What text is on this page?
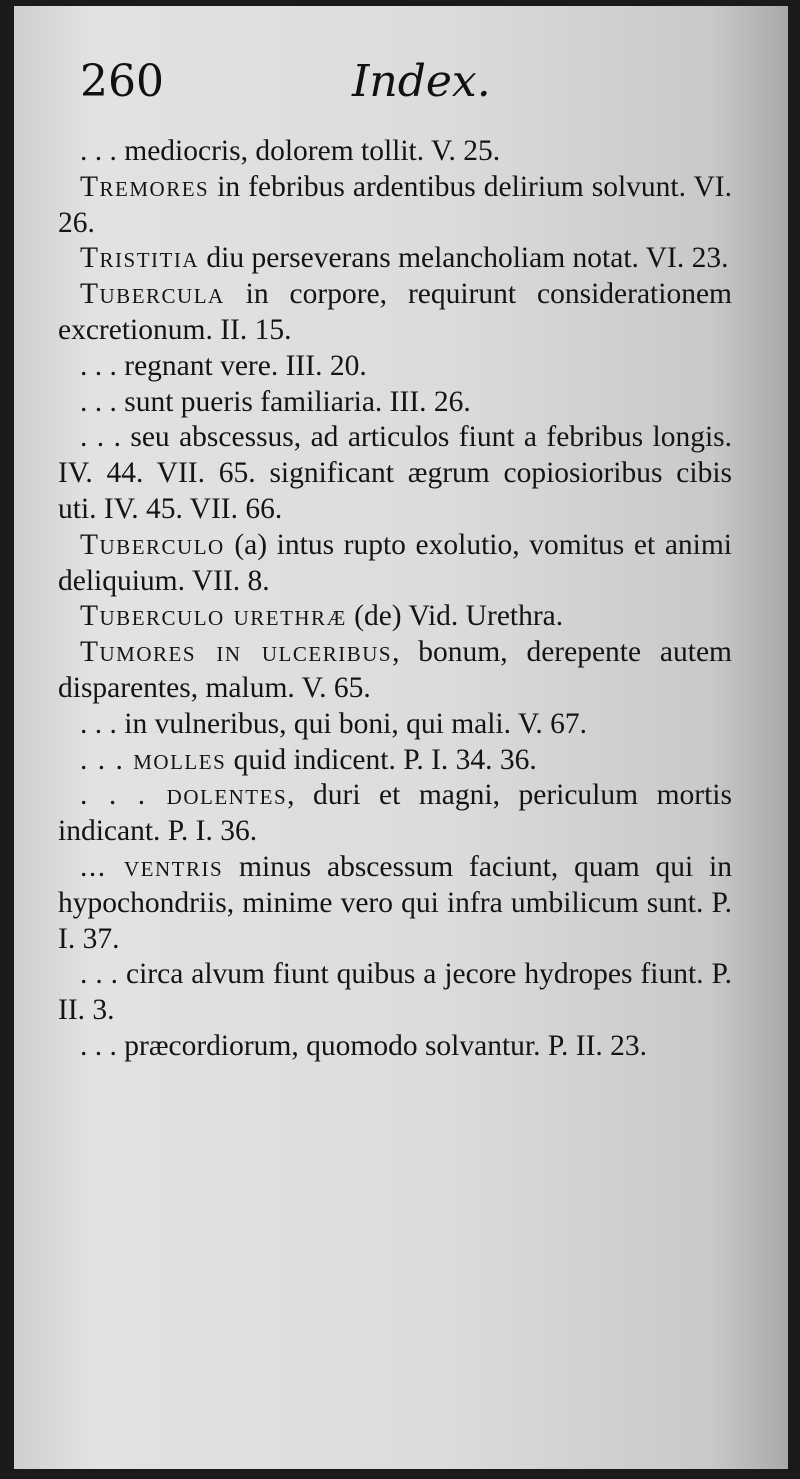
260	Index.

. . . mediocris, dolorem tollit. V. 25.

Tremores in febribus ardentibus delirium solvunt. VI. 26.

Tristitia diu perseverans melancholiam notat. VI. 23.

Tubercula in corpore, requirunt considerationem excretionum. II. 15.

. . . regnant vere. III. 20.

. . . sunt pueris familiaria. III. 26.

. . . seu abscessus, ad articulos fiunt a febribus longis. IV. 44. VII. 65. significant ægrum copiosioribus cibis uti. IV. 45. VII. 66.

Tuberculo (a) intus rupto exolutio, vomitus et animi deliquium. VII. 8.

Tuberculo urethræ (de) Vid. Urethra.

Tumores in ulceribus, bonum, derepente autem disparentes, malum. V. 65.

. . . in vulneribus, qui boni, qui mali. V. 67.

. . . molles quid indicent. P. I. 34. 36.

. . . dolentes, duri et magni, periculum mortis indicant. P. I. 36.

... ventris minus abscessum faciunt, quam qui in hypochondriis, minime vero qui infra umbilicum sunt. P. I. 37.

. . . circa alvum fiunt quibus a jecore hydropes fiunt. P. II. 3.

. . . præcordiorum, quomodo solvantur. P. II. 23.
